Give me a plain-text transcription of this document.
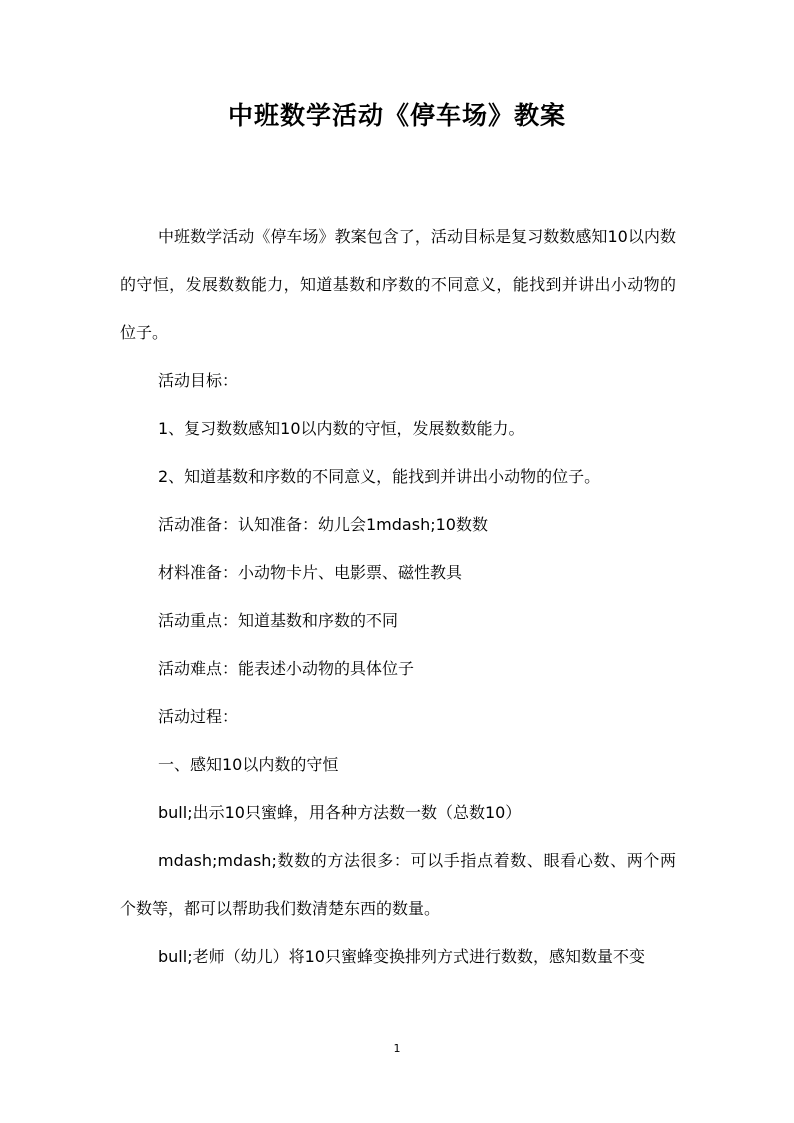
中班数学活动《停车场》教案

中班数学活动《停车场》教案包含了，活动目标是复习数数感知10以内数的守恒，发展数数能力，知道基数和序数的不同意义，能找到并讲出小动物的位子。

活动目标：

1、复习数数感知10以内数的守恒，发展数数能力。

2、知道基数和序数的不同意义，能找到并讲出小动物的位子。

活动准备：认知准备：幼儿会1mdash;10数数

材料准备：小动物卡片、电影票、磁性教具

活动重点：知道基数和序数的不同

活动难点：能表述小动物的具体位子

活动过程：

一、感知10以内数的守恒

bull;出示10只蜜蜂，用各种方法数一数（总数10）

mdash;mdash;数数的方法很多：可以手指点着数、眼看心数、两个两个数等，都可以帮助我们数清楚东西的数量。

bull;老师（幼儿）将10只蜜蜂变换排列方式进行数数，感知数量不变

1
